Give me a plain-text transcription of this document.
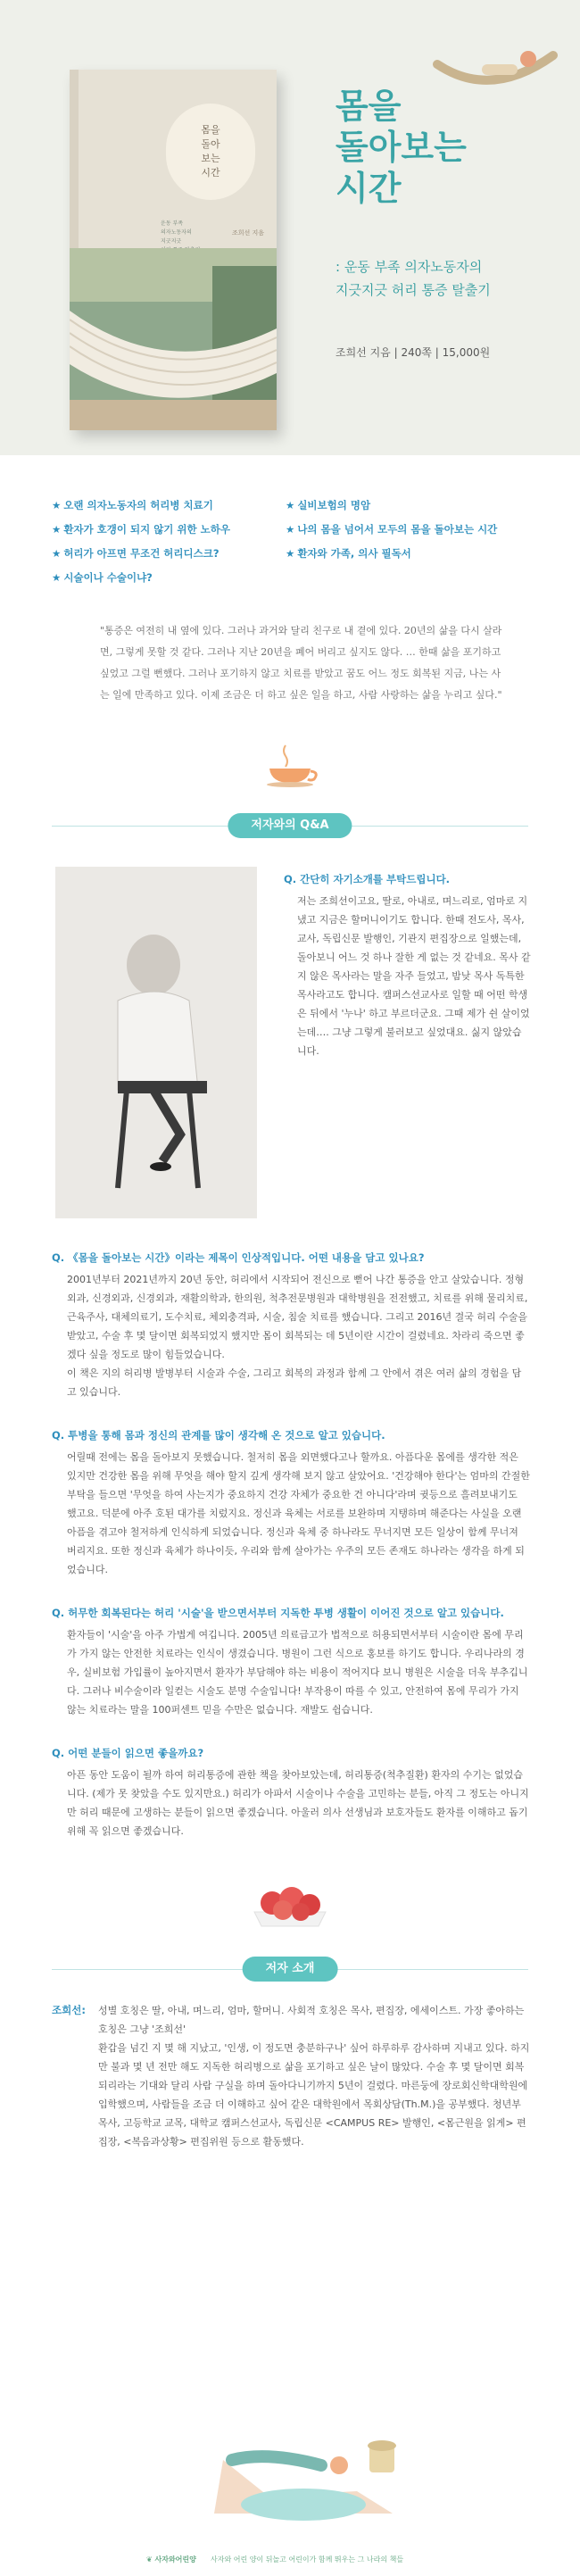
몸을
돌아
보는
시간
운동 부족
의자노동자의
지긋지긋
조희선 지음
몸을
돌아보는
시간
: 운동 부족 의자노동자의
지긋지긋 허리 통증 탈출기
조희선 지음 | 240쪽 | 15,000원
★ 오랜 의자노동자의 허리병 치료기	★ 실비보험의 명암
★ 환자가 호갱이 되지 않기 위한 노하우	★ 나의 몸을 넘어서 모두의 몸을 돌아보는 시간
★ 허리가 아프면 무조건 허리디스크?	★ 환자와 가족, 의사 필독서
★ 시술이나 수술이냐?
"통증은 여전히 내 옆에 있다. 그러나 과거와 달리 친구로 내 곁에 있다. 20년의 삶을 다시 살라면, 그렇게 못할 것 같다. 그러나 지난 20년을 폐어 버리고 싶지도 않다. … 한때 삶을 포기하고 싶었고 그럴 뻔했다. 그러나 포기하지 않고 치료를 받았고 꿈도 어느 정도 회복된 지금, 나는 사는 일에 만족하고 있다. 이제 조금은 더 하고 싶은 일을 하고, 사람 사랑하는 삶을 누리고 싶다."
저자와의 Q&A
Q. 간단히 자기소개를 부탁드립니다.
저는 조희선이고요, 딸로, 아내로, 며느리로, 엄마로 지냈고 지금은 할머니이기도 합니다. 한때 전도사, 목사, 교사, 독립신문 발행인, 기관지 편집장으로 일했는데, 돌아보니 어느 것 하나 잘한 게 없는 것 같네요. 목사 같지 않은 목사라는 말을 자주 들었고, 밤낮 목사 독특한 목사라고도 합니다. 캠퍼스선교사로 일할 때 어떤 학생은 뒤에서 '누나' 하고 부르더군요. 그때 제가 쉰 살이었는데…. 그냥 그렇게 불러보고 싶었대요. 싫지 않았습니다.
Q. 《몸을 돌아보는 시간》이라는 제목이 인상적입니다. 어떤 내용을 담고 있나요?

2001년부터 2021년까지 20년 동안, 허리에서 시작되어 전신으로 뻗어 나간 통증을 안고 살았습니다. 정형외과, 신경외과, 신경외과, 재활의학과, 한의원, 척추전문병원과 대학병원을 전전했고, 치료를 위해 물리치료, 근육주사, 대체의료기, 도수치료, 체외충격파, 시술, 침술 치료를 했습니다. 그리고 2016년 결국 허리 수술을 받았고, 수술 후 몇 달이면 회복되었지 했지만 몸이 회복되는 데 5년이란 시간이 걸렸네요. 차라리 죽으면 좋겠다 싶을 정도로 많이 힘들었습니다.

이 책은 지의 허리병 발병부터 시술과 수술, 그리고 회복의 과정과 함께 그 안에서 겪은 여러 삶의 경험을 담고 있습니다.

Q. 투병을 통해 몸과 정신의 관계를 많이 생각해 온 것으로 알고 있습니다.

어릴때 전에는 몸을 돌아보지 못했습니다. 철저히 몸을 외면했다고나 할까요. 아픔다운 몸에를 생각한 적은 있지만 건강한 몸을 위해 무엇을 해야 할지 깊게 생각해 보지 않고 살았어요. '건강해야 한다'는 엄마의 간절한 부탁을 들으면 '무엇을 하여 사는지가 중요하지 건강 자체가 중요한 건 아니다'라며 귓등으로 흘려보내기도 했고요. 덕분에 아주 호된 대가를 치렀지요. 정신과 육체는 서로를 보완하며 지탱하며 해준다는 사실을 오랜 아픔을 겪고야 철저하게 인식하게 되었습니다. 정신과 육체 중 하나라도 무너지면 모든 일상이 함께 무너져 버리지요. 또한 정신과 육체가 하나이듯, 우리와 함께 살아가는 우주의 모든 존재도 하나라는 생각을 하게 되었습니다.

Q. 허무한 회복된다는 허리 '시술'을 받으면서부터 지독한 투병 생활이 이어진 것으로 알고 있습니다.

환자들이 '시술'을 아주 가볍게 여깁니다. 2005년 의료급고가 법적으로 허용되면서부터 시술이란 몸에 무리가 가지 않는 안전한 치료라는 인식이 생겼습니다. 병원이 그런 식으로 홍보를 하기도 합니다. 우리나라의 경우, 실비보험 가입률이 높아지면서 환자가 부담해야 하는 비용이 적어지다 보니 병원은 시술을 더욱 부추깁니다. 그러나 비수술이라 일컫는 시술도 분명 수술입니다! 부작용이 따를 수 있고, 안전하여 몸에 무리가 가지 않는 치료라는 말을 100퍼센트 믿을 수만은 없습니다. 재발도 쉽습니다.

Q. 어떤 분들이 읽으면 좋을까요?

아픈 동안 도움이 될까 하여 허리통증에 관한 책을 찾아보았는데, 허리통증(척추질환) 환자의 수기는 없었습니다. (제가 못 찾았을 수도 있지만요.) 허리가 아파서 시술이나 수술을 고민하는 분들, 아직 그 정도는 아니지만 허리 때문에 고생하는 분들이 읽으면 좋겠습니다. 아울러 의사 선생님과 보호자들도 환자를 이해하고 돕기 위해 꼭 읽으면 좋겠습니다.

저자 소개
조희선: 성별 호칭은 딸, 아내, 며느리, 엄마, 할머니. 사회적 호칭은 목사, 편집장, 에세이스트. 가장 좋아하는 호칭은 그냥 '조희선'

환갑을 넘긴 지 몇 해 지났고, '인생, 이 정도면 충분하구나' 싶어 하루하루 감사하며 지내고 있다. 하지만 불과 몇 년 전만 해도 지독한 허리병으로 삶을 포기하고 싶은 날이 많았다. 수술 후 몇 달이면 회복되리라는 기대와 달리 사람 구실을 하며 돌아다니기까지 5년이 걸렸다. 마른둥에 장로회신학대학원에 입학했으며, 사람들을 조금 더 이해하고 싶어 같은 대학원에서 목회상담(Th.M.)을 공부했다. 청년부 목사, 고등학교 교목, 대학교 캠퍼스선교사, 독립신문 <CAMPUS RE> 발행인, <몸근원을 읽게> 편집장, <복음과상황> 편집위원 등으로 활동했다.

❦ 사자와어린양 사자와 어린 양이 뒤놀고 어린이가 함께 뛰우는 그 나라의 책들
